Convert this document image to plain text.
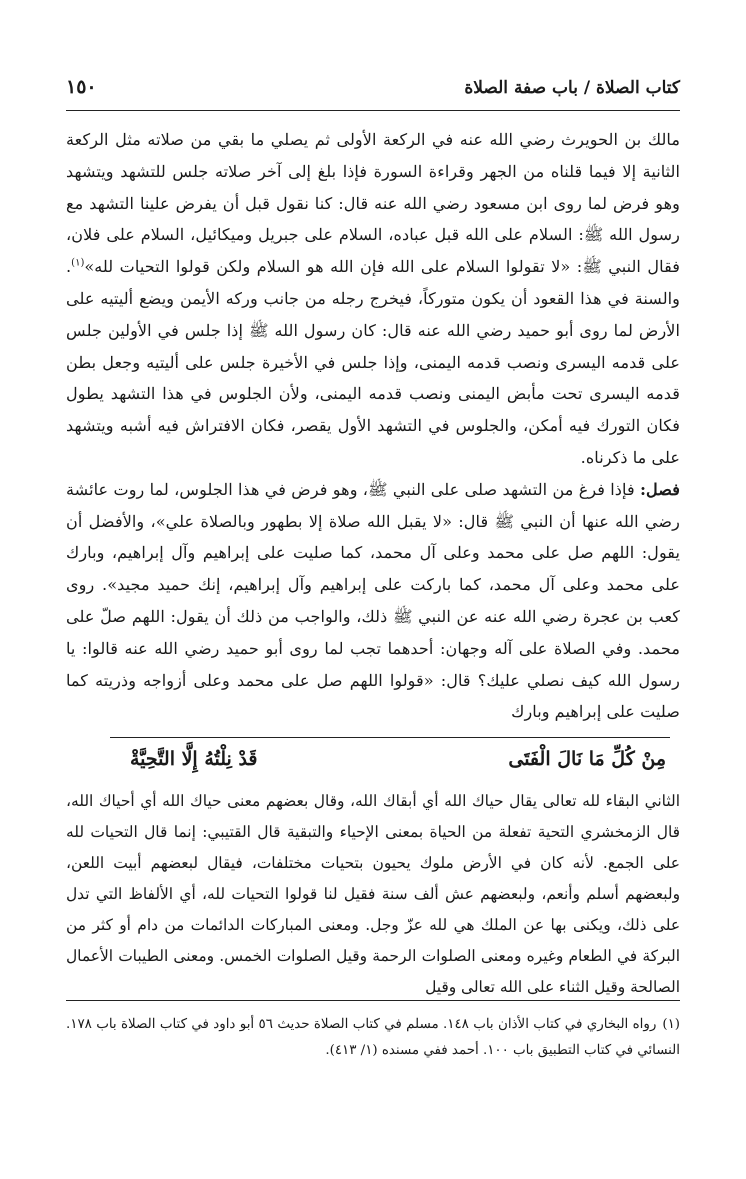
كتاب الصلاة / باب صفة الصلاة
١٥٠

مالك بن الحويرث رضي الله عنه في الركعة الأولى ثم يصلي ما بقي من صلاته مثل الركعة الثانية إلا فيما قلناه من الجهر وقراءة السورة فإذا بلغ إلى آخر صلاته جلس للتشهد ويتشهد وهو فرض لما روى ابن مسعود رضي الله عنه قال: كنا نقول قبل أن يفرض علينا التشهد مع رسول الله ﷺ: السلام على الله قبل عباده، السلام على جبريل وميكائيل، السلام على فلان، فقال النبي ﷺ: «لا تقولوا السلام على الله فإن الله هو السلام ولكن قولوا التحيات لله»$^{(١)}$. والسنة في هذا القعود أن يكون متوركاً، فيخرج رجله من جانب وركه الأيمن ويضع أليتيه على الأرض لما روى أبو حميد رضي الله عنه قال: كان رسول الله ﷺ إذا جلس في الأولين جلس على قدمه اليسرى ونصب قدمه اليمنى، وإذا جلس في الأخيرة جلس على أليتيه وجعل بطن قدمه اليسرى تحت مأبض اليمنى ونصب قدمه اليمنى، ولأن الجلوس في هذا التشهد يطول فكان التورك فيه أمكن، والجلوس في التشهد الأول يقصر، فكان الافتراش فيه أشبه ويتشهد على ما ذكرناه.

فصل: فإذا فرغ من التشهد صلى على النبي ﷺ، وهو فرض في هذا الجلوس، لما روت عائشة رضي الله عنها أن النبي ﷺ قال: «لا يقبل الله صلاة إلا بطهور وبالصلاة علي»، والأفضل أن يقول: اللهم صل على محمد وعلى آل محمد، كما صليت على إبراهيم وآل إبراهيم، وبارك على محمد وعلى آل محمد، كما باركت على إبراهيم وآل إبراهيم، إنك حميد مجيد». روى كعب بن عجرة رضي الله عنه عن النبي ﷺ ذلك، والواجب من ذلك أن يقول: اللهم صلّ على محمد. وفي الصلاة على آله وجهان: أحدهما تجب لما روى أبو حميد رضي الله عنه قالوا: يا رسول الله كيف نصلي عليك؟ قال: «قولوا اللهم صل على محمد وعلى أزواجه وذريته كما صليت على إبراهيم وبارك

مِنْ كُلِّ مَا نَالَ الْفَتَى
قَدْ نِلْتُهُ إِلَّا التَّحِيَّةْ

الثاني البقاء لله تعالى يقال حياك الله أي أبقاك الله، وقال بعضهم معنى حياك الله أي أحياك الله، قال الزمخشري التحية تفعلة من الحياة بمعنى الإحياء والتبقية قال القتيبي: إنما قال التحيات لله على الجمع. لأنه كان في الأرض ملوك يحيون بتحيات مختلفات، فيقال لبعضهم أبيت اللعن، ولبعضهم أسلم وأنعم، ولبعضهم عش ألف سنة فقيل لنا قولوا التحيات لله، أي الألفاظ التي تدل على ذلك، ويكنى بها عن الملك هي لله عزّ وجل. ومعنى المباركات الدائمات من دام أو كثر من البركة في الطعام وغيره ومعنى الصلوات الرحمة وقيل الصلوات الخمس. ومعنى الطيبات الأعمال الصالحة وقيل الثناء على الله تعالى وقيل

(١)رواه البخاري في كتاب الأذان باب ١٤٨. مسلم في كتاب الصلاة حديث ٥٦ أبو داود في كتاب الصلاة باب ١٧٨. النسائي في كتاب التطبيق باب ١٠٠. أحمد ففي مسنده (١/ ٤١٣).
